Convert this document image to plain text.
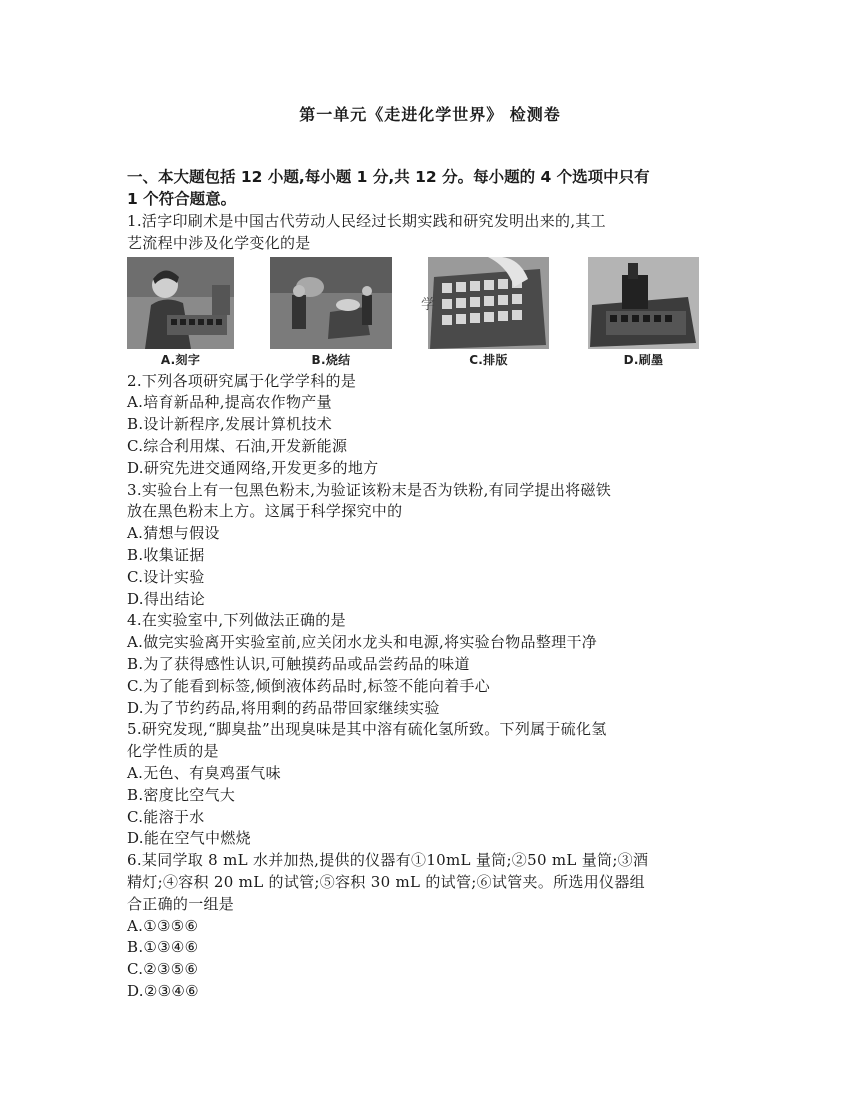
第一单元《走进化学世界》 检测卷
一、本大题包括 12 小题,每小题 1 分,共 12 分。每小题的 4 个选项中只有
1 个符合题意。
1.活字印刷术是中国古代劳动人民经过长期实践和研究发明出来的,其工
艺流程中涉及化学变化的是
A.刻字	B.烧结	C.排版	D.刷墨
学
2.下列各项研究属于化学学科的是
A.培育新品种,提高农作物产量
B.设计新程序,发展计算机技术
C.综合利用煤、石油,开发新能源
D.研究先进交通网络,开发更多的地方
3.实验台上有一包黑色粉末,为验证该粉末是否为铁粉,有同学提出将磁铁
放在黑色粉末上方。这属于科学探究中的
A.猜想与假设
B.收集证据
C.设计实验
D.得出结论
4.在实验室中,下列做法正确的是
A.做完实验离开实验室前,应关闭水龙头和电源,将实验台物品整理干净
B.为了获得感性认识,可触摸药品或品尝药品的味道
C.为了能看到标签,倾倒液体药品时,标签不能向着手心
D.为了节约药品,将用剩的药品带回家继续实验
5.研究发现,“脚臭盐”出现臭味是其中溶有硫化氢所致。下列属于硫化氢
化学性质的是
A.无色、有臭鸡蛋气味
B.密度比空气大
C.能溶于水
D.能在空气中燃烧
6.某同学取 8 mL 水并加热,提供的仪器有①10mL 量筒;②50 mL 量筒;③酒
精灯;④容积 20 mL 的试管;⑤容积 30 mL 的试管;⑥试管夹。所选用仪器组
合正确的一组是
A.①③⑤⑥
B.①③④⑥
C.②③⑤⑥
D.②③④⑥
